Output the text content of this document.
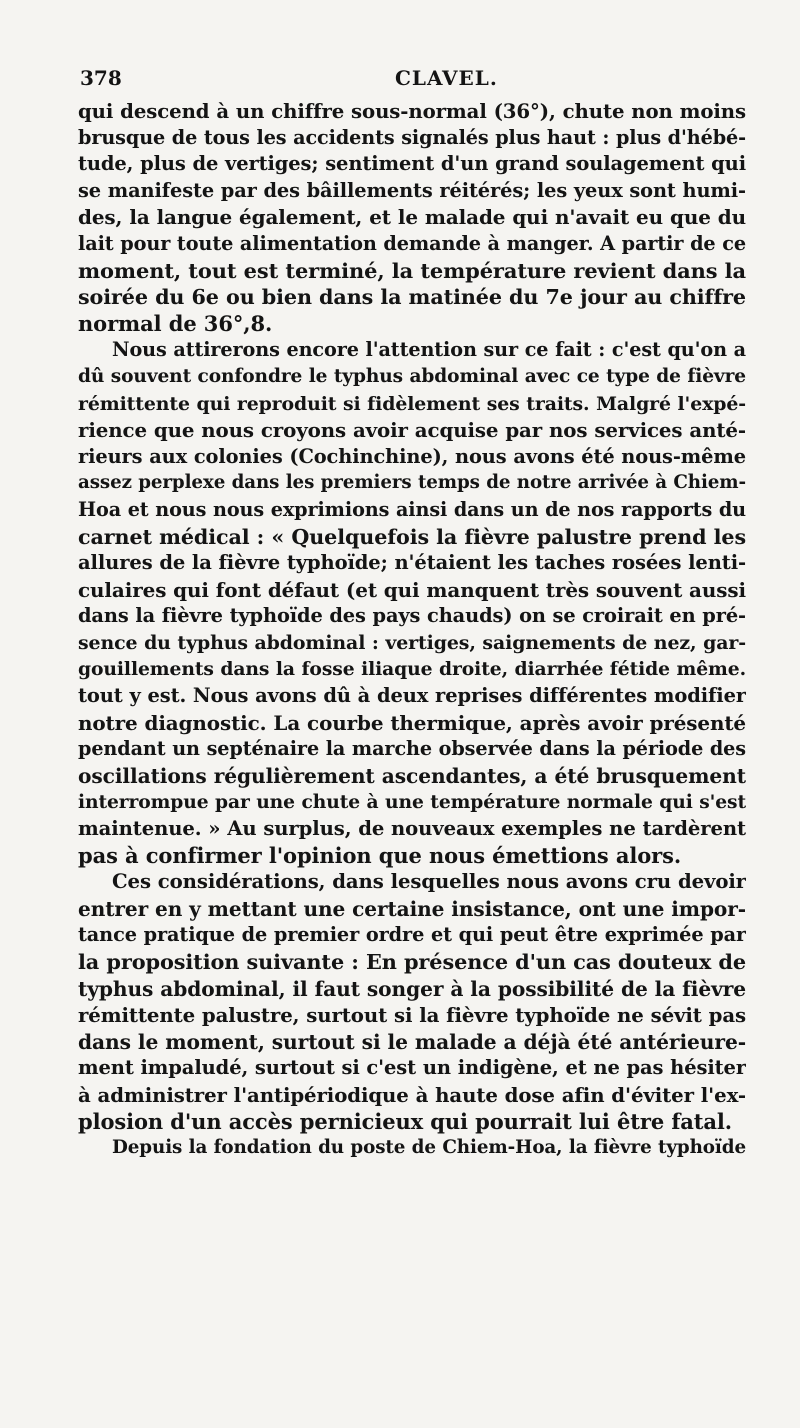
378	CLAVEL.
qui descend à un chiffre sous-normal (36°), chute non moins
brusque de tous les accidents signalés plus haut : plus d'hébé-
tude, plus de vertiges; sentiment d'un grand soulagement qui
se manifeste par des bâillements réitérés; les yeux sont humi-
des, la langue également, et le malade qui n'avait eu que du
lait pour toute alimentation demande à manger. A partir de ce
moment, tout est terminé, la température revient dans la
soirée du 6e ou bien dans la matinée du 7e jour au chiffre
normal de 36°,8.
Nous attirerons encore l'attention sur ce fait : c'est qu'on a
dû souvent confondre le typhus abdominal avec ce type de fièvre
rémittente qui reproduit si fidèlement ses traits. Malgré l'expé-
rience que nous croyons avoir acquise par nos services anté-
rieurs aux colonies (Cochinchine), nous avons été nous-même
assez perplexe dans les premiers temps de notre arrivée à Chiem-
Hoa et nous nous exprimions ainsi dans un de nos rapports du
carnet médical : « Quelquefois la fièvre palustre prend les
allures de la fièvre typhoïde; n'étaient les taches rosées lenti-
culaires qui font défaut (et qui manquent très souvent aussi
dans la fièvre typhoïde des pays chauds) on se croirait en pré-
sence du typhus abdominal : vertiges, saignements de nez, gar-
gouillements dans la fosse iliaque droite, diarrhée fétide même.
tout y est. Nous avons dû à deux reprises différentes modifier
notre diagnostic. La courbe thermique, après avoir présenté
pendant un septénaire la marche observée dans la période des
oscillations régulièrement ascendantes, a été brusquement
interrompue par une chute à une température normale qui s'est
maintenue. » Au surplus, de nouveaux exemples ne tardèrent
pas à confirmer l'opinion que nous émettions alors.
Ces considérations, dans lesquelles nous avons cru devoir
entrer en y mettant une certaine insistance, ont une impor-
tance pratique de premier ordre et qui peut être exprimée par
la proposition suivante : En présence d'un cas douteux de
typhus abdominal, il faut songer à la possibilité de la fièvre
rémittente palustre, surtout si la fièvre typhoïde ne sévit pas
dans le moment, surtout si le malade a déjà été antérieure-
ment impaludé, surtout si c'est un indigène, et ne pas hésiter
à administrer l'antipériodique à haute dose afin d'éviter l'ex-
plosion d'un accès pernicieux qui pourrait lui être fatal.
Depuis la fondation du poste de Chiem-Hoa, la fièvre typhoïde
